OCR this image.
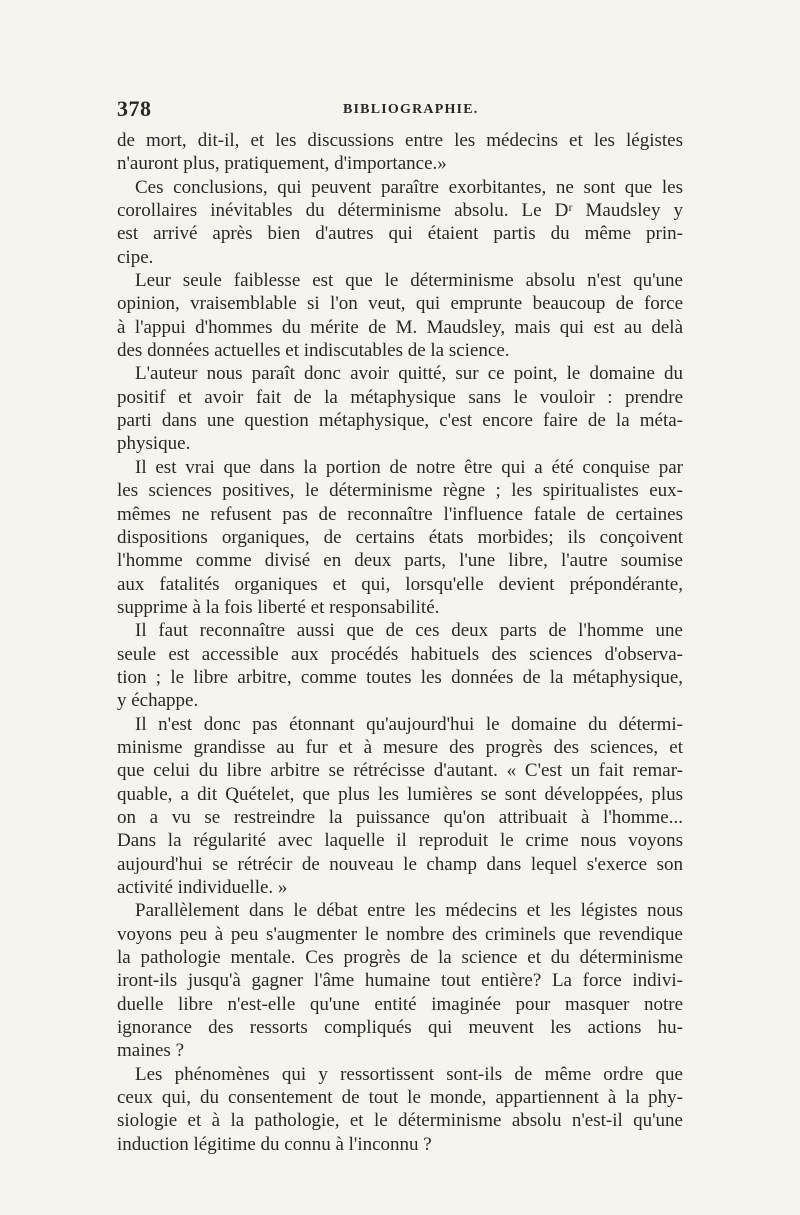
378	BIBLIOGRAPHIE.
de mort, dit-il, et les discussions entre les médecins et les légistes
n'auront plus, pratiquement, d'importance.»
Ces conclusions, qui peuvent paraître exorbitantes, ne sont que les
corollaires inévitables du déterminisme absolu. Le Dʳ Maudsley y
est arrivé après bien d'autres qui étaient partis du même prin-
cipe.
Leur seule faiblesse est que le déterminisme absolu n'est qu'une
opinion, vraisemblable si l'on veut, qui emprunte beaucoup de force
à l'appui d'hommes du mérite de M. Maudsley, mais qui est au delà
des données actuelles et indiscutables de la science.
L'auteur nous paraît donc avoir quitté, sur ce point, le domaine du
positif et avoir fait de la métaphysique sans le vouloir : prendre
parti dans une question métaphysique, c'est encore faire de la méta-
physique.
Il est vrai que dans la portion de notre être qui a été conquise par
les sciences positives, le déterminisme règne ; les spiritualistes eux-
mêmes ne refusent pas de reconnaître l'influence fatale de certaines
dispositions organiques, de certains états morbides; ils conçoivent
l'homme comme divisé en deux parts, l'une libre, l'autre soumise
aux fatalités organiques et qui, lorsqu'elle devient prépondérante,
supprime à la fois liberté et responsabilité.
Il faut reconnaître aussi que de ces deux parts de l'homme une
seule est accessible aux procédés habituels des sciences d'observa-
tion ; le libre arbitre, comme toutes les données de la métaphysique,
y échappe.
Il n'est donc pas étonnant qu'aujourd'hui le domaine du détermi-
minisme grandisse au fur et à mesure des progrès des sciences, et
que celui du libre arbitre se rétrécisse d'autant. « C'est un fait remar-
quable, a dit Quételet, que plus les lumières se sont développées, plus
on a vu se restreindre la puissance qu'on attribuait à l'homme...
Dans la régularité avec laquelle il reproduit le crime nous voyons
aujourd'hui se rétrécir de nouveau le champ dans lequel s'exerce son
activité individuelle. »
Parallèlement dans le débat entre les médecins et les légistes nous
voyons peu à peu s'augmenter le nombre des criminels que revendique
la pathologie mentale. Ces progrès de la science et du déterminisme
iront-ils jusqu'à gagner l'âme humaine tout entière? La force indivi-
duelle libre n'est-elle qu'une entité imaginée pour masquer notre
ignorance des ressorts compliqués qui meuvent les actions hu-
maines ?
Les phénomènes qui y ressortissent sont-ils de même ordre que
ceux qui, du consentement de tout le monde, appartiennent à la phy-
siologie et à la pathologie, et le déterminisme absolu n'est-il qu'une
induction légitime du connu à l'inconnu ?
